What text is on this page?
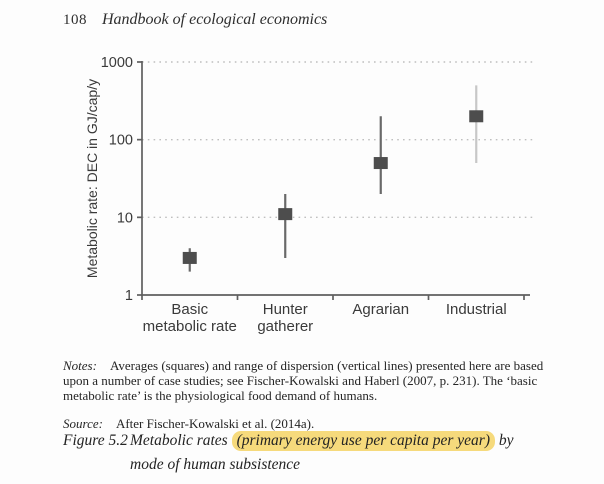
108 Handbook of ecological economics
1
10
100
1000
Basic metabolic rate
Hunter gatherer
Agrarian Industrial
Metabolic rate: DEC in GJ/cap/y

Notes: Averages (squares) and range of dispersion (vertical lines) presented here are based
upon a number of case studies; see Fischer-Kowalski and Haberl (2007, p. 231). The ‘basic
metabolic rate’ is the physiological food demand of humans.

Source: After Fischer-Kowalski et al. (2014a).

Figure 5.2 Metabolic rates (primary energy use per capita per year) by
mode of human subsistence
